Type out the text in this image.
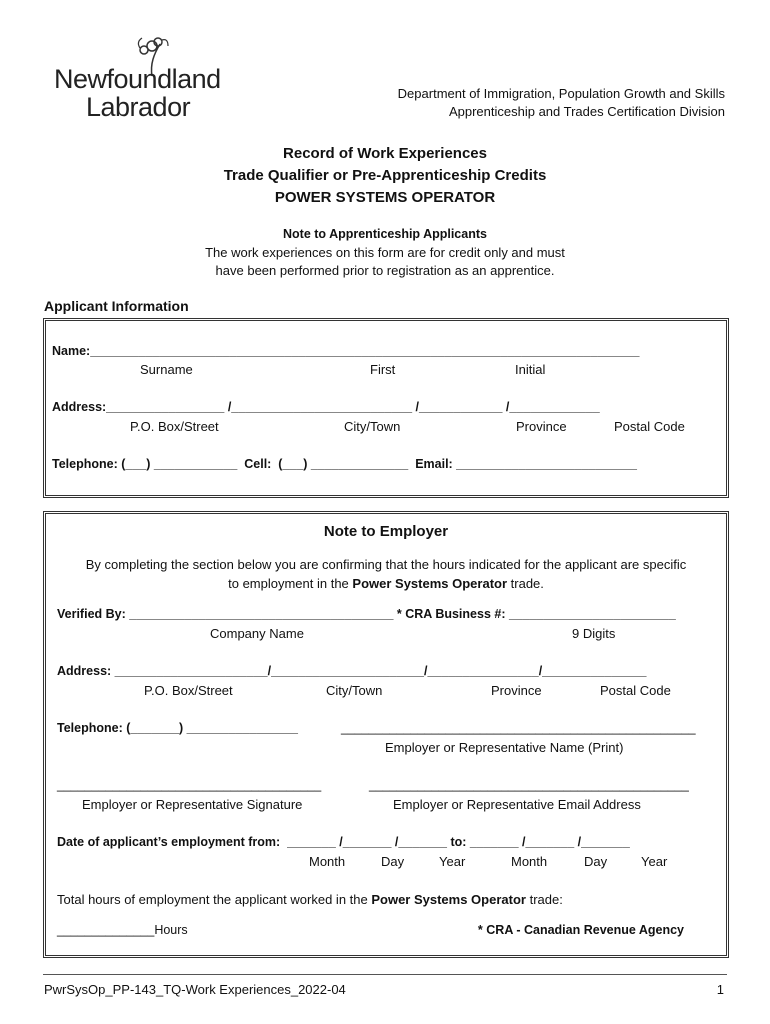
Newfoundland

Labrador	Department of Immigration, Population Growth and Skills
Apprenticeship and Trades Certification Division
Record of Work Experiences
Trade Qualifier or Pre-Apprenticeship Credits
POWER SYSTEMS OPERATOR
Note to Apprenticeship Applicants
The work experiences on this form are for credit only and must
have been performed prior to registration as an apprentice.
Applicant Information
Name:_______________________________________________________________________________
Surname	First	Initial
Address:_________________ /__________________________ /____________ /_____________
P.O. Box/Street	City/Town	Province	Postal Code
Telephone: (___) ____________  Cell:  (___) ______________  Email: __________________________
Note to Employer
By completing the section below you are confirming that the hours indicated for the applicant are specific
to employment in the Power Systems Operator trade.
Verified By: ______________________________________ * CRA Business #: ________________________
Company Name	9 Digits
Address: ______________________/______________________/________________/_______________
P.O. Box/Street	City/Town	Province	Postal Code
Telephone: (_______) ________________	___________________________________________________
Employer or Representative Name (Print)
______________________________________	______________________________________________
Employer or Representative Signature	Employer or Representative Email Address
Date of applicant’s employment from:  _______ /_______ /_______ to: _______ /_______ /_______
Month	Day	Year	Month	Day	Year
Total hours of employment the applicant worked in the Power Systems Operator trade:
______________Hours	* CRA - Canadian Revenue Agency
PwrSysOp_PP-143_TQ-Work Experiences_2022-04	1
